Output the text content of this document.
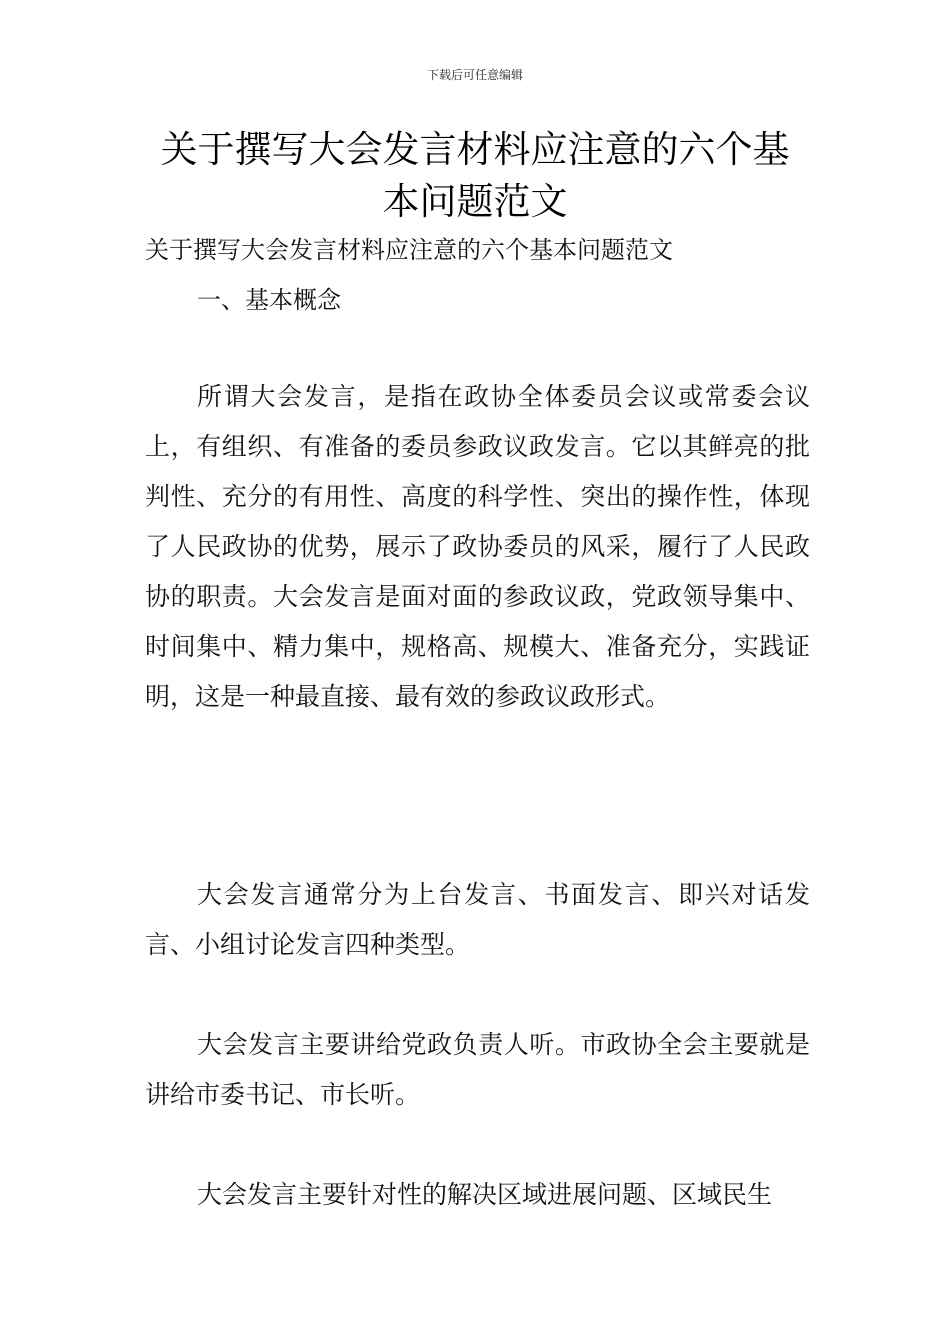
下载后可任意编辑
关于撰写大会发言材料应注意的六个基本问题范文
关于撰写大会发言材料应注意的六个基本问题范文
一、基本概念
所谓大会发言，是指在政协全体委员会议或常委会议上，有组织、有准备的委员参政议政发言。它以其鲜亮的批判性、充分的有用性、高度的科学性、突出的操作性，体现了人民政协的优势，展示了政协委员的风采，履行了人民政协的职责。大会发言是面对面的参政议政，党政领导集中、时间集中、精力集中，规格高、规模大、准备充分，实践证明，这是一种最直接、最有效的参政议政形式。
大会发言通常分为上台发言、书面发言、即兴对话发言、小组讨论发言四种类型。
大会发言主要讲给党政负责人听。市政协全会主要就是讲给市委书记、市长听。
大会发言主要针对性的解决区域进展问题、区域民生
